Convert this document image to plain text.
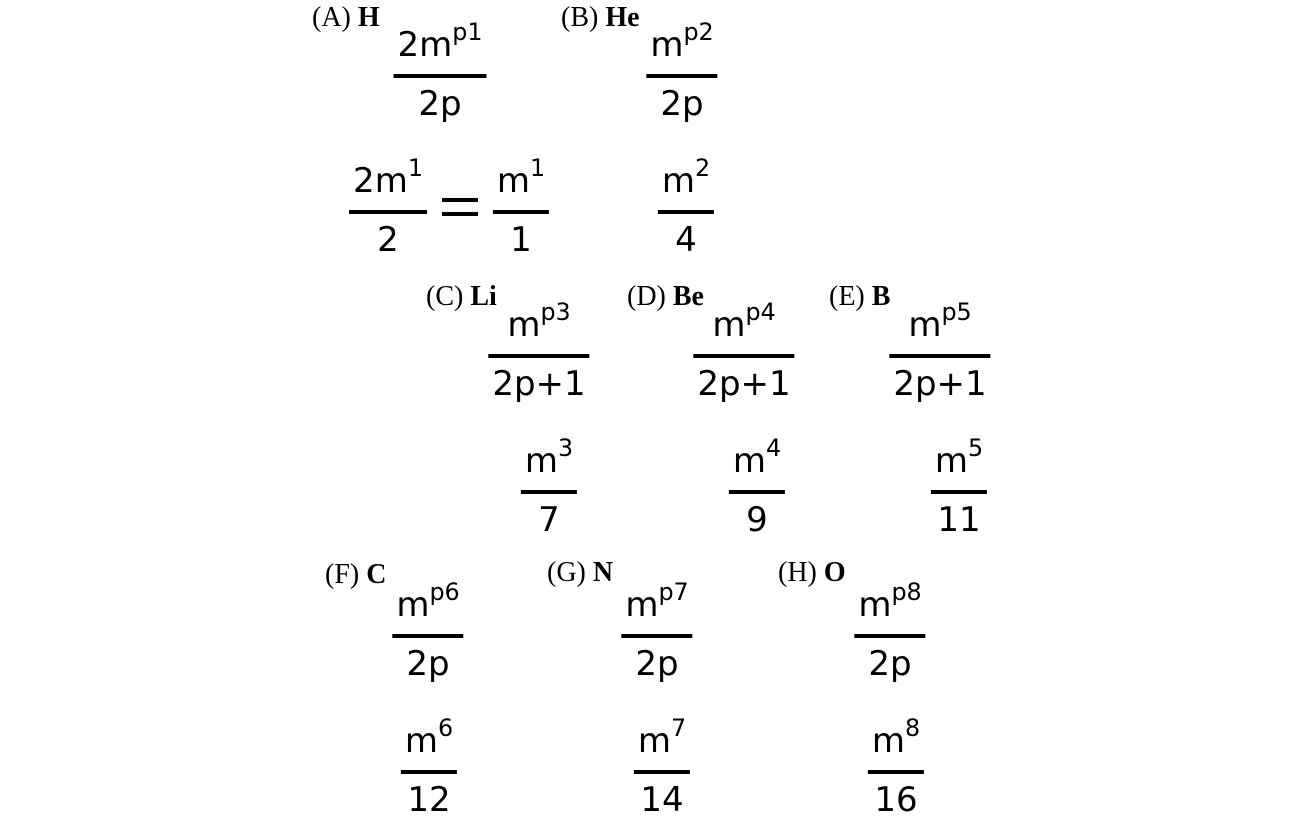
(A) H
$2m^{p1}$
2p
$2m^1$
2
$m^1$
1
(B) He
$m^{p2}$
2p
$m^2$
4
(C) Li
$m^{p3}$
2p+1
$m^3$
7
(D) Be
$m^{p4}$
2p+1
$m^4$
9
(E) B
$m^{p5}$
2p+1
$m^5$
11
(F) C
$m^{p6}$
2p
$m^6$
12
(G) N
$m^{p7}$
2p
$m^7$
14
(H) O
$m^{p8}$
2p
$m^8$
16
